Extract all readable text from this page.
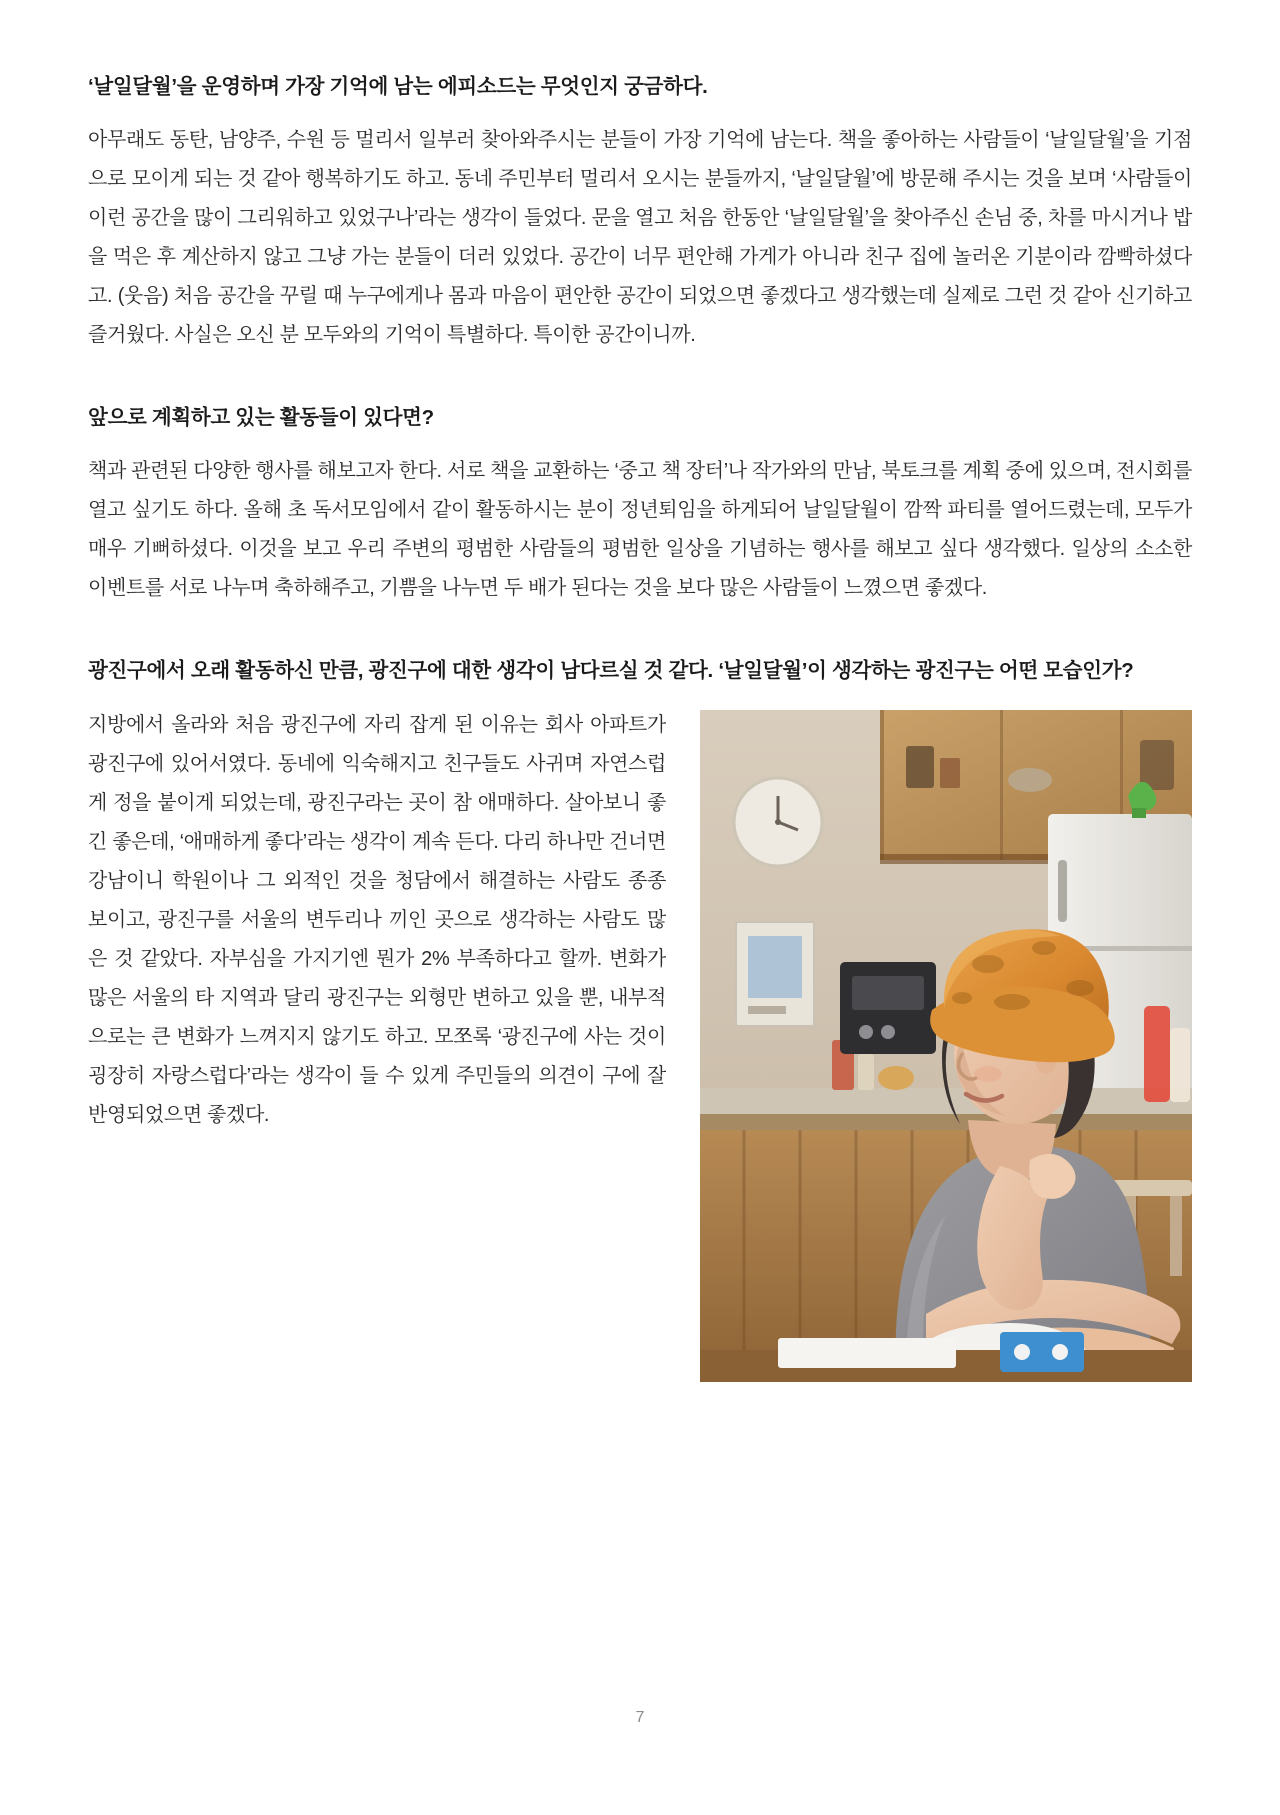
‘날일달월’을 운영하며 가장 기억에 남는 에피소드는 무엇인지 궁금하다.

아무래도 동탄, 남양주, 수원 등 멀리서 일부러 찾아와주시는 분들이 가장 기억에 남는다. 책을 좋아하는 사람들이 ‘날일달월’을 기점으로 모이게 되는 것 같아 행복하기도 하고. 동네 주민부터 멀리서 오시는 분들까지, ‘날일달월’에 방문해 주시는 것을 보며 ‘사람들이 이런 공간을 많이 그리워하고 있었구나’라는 생각이 들었다. 문을 열고 처음 한동안 ‘날일달월’을 찾아주신 손님 중, 차를 마시거나 밥을 먹은 후 계산하지 않고 그냥 가는 분들이 더러 있었다. 공간이 너무 편안해 가게가 아니라 친구 집에 놀러온 기분이라 깜빡하셨다고. (웃음) 처음 공간을 꾸릴 때 누구에게나 몸과 마음이 편안한 공간이 되었으면 좋겠다고 생각했는데 실제로 그런 것 같아 신기하고 즐거웠다. 사실은 오신 분 모두와의 기억이 특별하다. 특이한 공간이니까.

앞으로 계획하고 있는 활동들이 있다면?

책과 관련된 다양한 행사를 해보고자 한다. 서로 책을 교환하는 ‘중고 책 장터’나 작가와의 만남, 북토크를 계획 중에 있으며, 전시회를 열고 싶기도 하다. 올해 초 독서모임에서 같이 활동하시는 분이 정년퇴임을 하게되어 날일달월이 깜짝 파티를 열어드렸는데, 모두가 매우 기뻐하셨다. 이것을 보고 우리 주변의 평범한 사람들의 평범한 일상을 기념하는 행사를 해보고 싶다 생각했다. 일상의 소소한 이벤트를 서로 나누며 축하해주고, 기쁨을 나누면 두 배가 된다는 것을 보다 많은 사람들이 느꼈으면 좋겠다.

광진구에서 오래 활동하신 만큼, 광진구에 대한 생각이 남다르실 것 같다. ‘날일달월’이 생각하는 광진구는 어떤 모습인가?

지방에서 올라와 처음 광진구에 자리 잡게 된 이유는 회사 아파트가 광진구에 있어서였다. 동네에 익숙해지고 친구들도 사귀며 자연스럽게 정을 붙이게 되었는데, 광진구라는 곳이 참 애매하다. 살아보니 좋긴 좋은데, ‘애매하게 좋다’라는 생각이 계속 든다. 다리 하나만 건너면 강남이니 학원이나 그 외적인 것을 청담에서 해결하는 사람도 종종 보이고, 광진구를 서울의 변두리나 끼인 곳으로 생각하는 사람도 많은 것 같았다. 자부심을 가지기엔 뭔가 2% 부족하다고 할까. 변화가 많은 서울의 타 지역과 달리 광진구는 외형만 변하고 있을 뿐, 내부적으로는 큰 변화가 느껴지지 않기도 하고. 모쪼록 ‘광진구에 사는 것이 굉장히 자랑스럽다’라는 생각이 들 수 있게 주민들의 의견이 구에 잘 반영되었으면 좋겠다.

7
